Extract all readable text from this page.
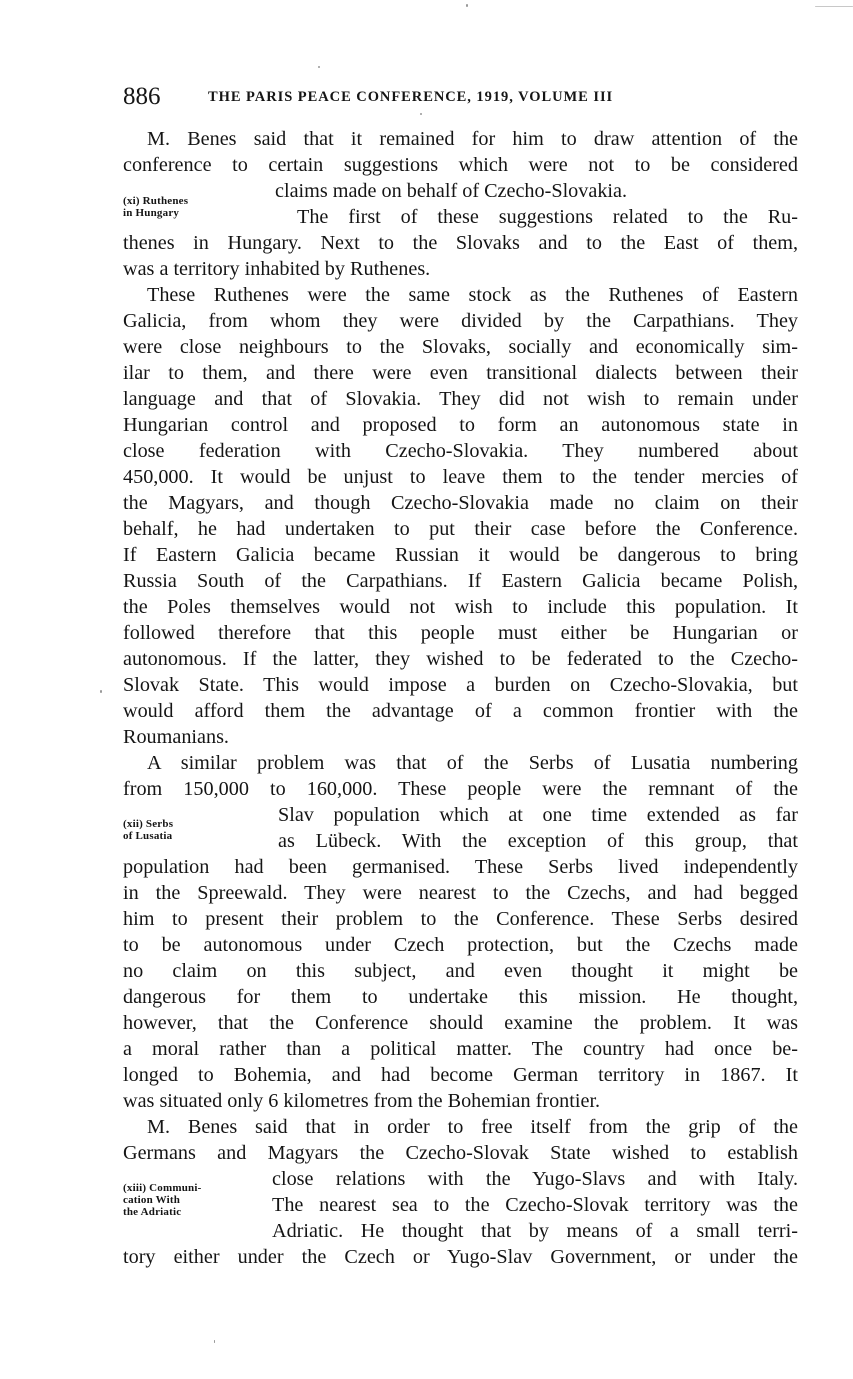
886	THE PARIS PEACE CONFERENCE, 1919, VOLUME III
(xi) Ruthenes
in Hungary
(xii) Serbs
of Lusatia
(xiii) Communi-
cation With
the Adriatic
M. Benes said that it remained for him to draw attention of the
conference to certain suggestions which were not to be considered
claims made on behalf of Czecho-Slovakia.
The first of these suggestions related to the Ru-
thenes in Hungary. Next to the Slovaks and to the East of them,
was a territory inhabited by Ruthenes.
These Ruthenes were the same stock as the Ruthenes of Eastern
Galicia, from whom they were divided by the Carpathians. They
were close neighbours to the Slovaks, socially and economically sim-
ilar to them, and there were even transitional dialects between their
language and that of Slovakia. They did not wish to remain under
Hungarian control and proposed to form an autonomous state in
close federation with Czecho-Slovakia. They numbered about
450,000. It would be unjust to leave them to the tender mercies of
the Magyars, and though Czecho-Slovakia made no claim on their
behalf, he had undertaken to put their case before the Conference.
If Eastern Galicia became Russian it would be dangerous to bring
Russia South of the Carpathians. If Eastern Galicia became Polish,
the Poles themselves would not wish to include this population. It
followed therefore that this people must either be Hungarian or
autonomous. If the latter, they wished to be federated to the Czecho-
Slovak State. This would impose a burden on Czecho-Slovakia, but
would afford them the advantage of a common frontier with the
Roumanians.
A similar problem was that of the Serbs of Lusatia numbering
from 150,000 to 160,000. These people were the remnant of the
Slav population which at one time extended as far
as Lübeck. With the exception of this group, that
population had been germanised. These Serbs lived independently
in the Spreewald. They were nearest to the Czechs, and had begged
him to present their problem to the Conference. These Serbs desired
to be autonomous under Czech protection, but the Czechs made
no claim on this subject, and even thought it might be
dangerous for them to undertake this mission. He thought,
however, that the Conference should examine the problem. It was
a moral rather than a political matter. The country had once be-
longed to Bohemia, and had become German territory in 1867. It
was situated only 6 kilometres from the Bohemian frontier.
M. Benes said that in order to free itself from the grip of the
Germans and Magyars the Czecho-Slovak State wished to establish
close relations with the Yugo-Slavs and with Italy.
The nearest sea to the Czecho-Slovak territory was the
Adriatic. He thought that by means of a small terri-
tory either under the Czech or Yugo-Slav Government, or under the
